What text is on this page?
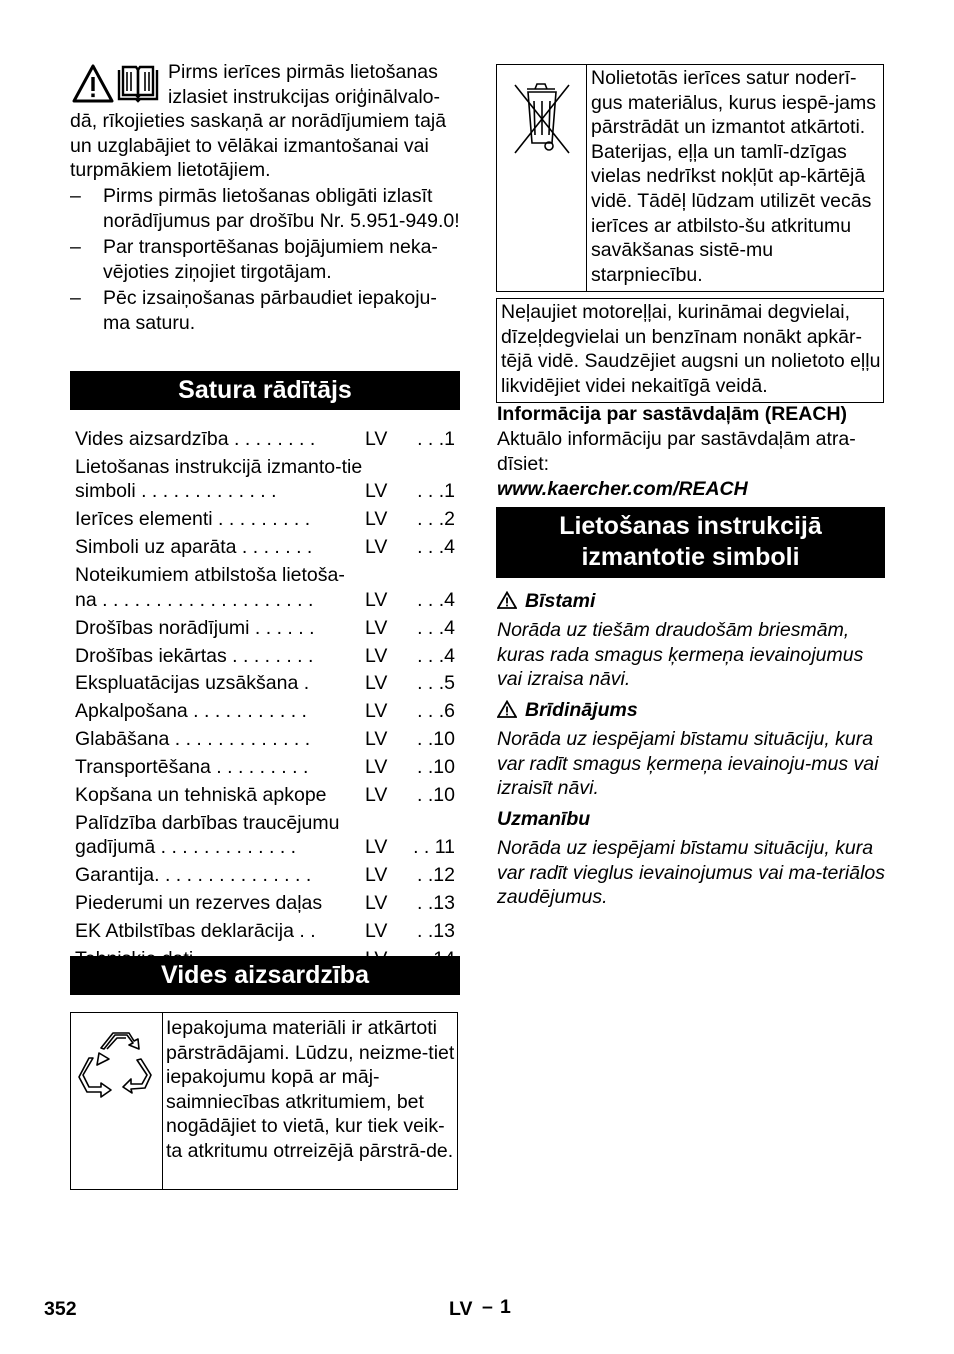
Pirms ierīces pirmās lietošanas izlasiet instrukcijas oriģinālvalo-
dā, rīkojieties saskaņā ar norādījumiem tajā un uzglabājiet to vēlākai izmantošanai vai turpmākiem lietotājiem.
– Pirms pirmās lietošanas obligāti izlasīt norādījumus par drošību Nr. 5.951-949.0!
– Par transportēšanas bojājumiem neka-vējoties ziņojiet tirgotājam.
– Pēc izsaiņošanas pārbaudiet iepakoju-ma saturu.
Satura rādītājs
Vides aizsardzība . . . . . . . .	LV . . .1
Lietošanas instrukcijā izmanto-tie simboli . . . . . . . . . . . . .	LV . . .1
Ierīces elementi . . . . . . . . .	LV . . .2
Simboli uz aparāta . . . . . . .	LV . . .4
Noteikumiem atbilstoša lietoša-na . . . . . . . . . . . . . . . . . . . .	LV . . .4
Drošības norādījumi . . . . . .	LV . . .4
Drošības iekārtas . . . . . . . .	LV . . .4
Ekspluatācijas uzsākšana .	LV . . .5
Apkalpošana . . . . . . . . . . .	LV . . .6
Glabāšana . . . . . . . . . . . . .	LV . .10
Transportēšana . . . . . . . . .	LV . .10
Kopšana un tehniskā apkope	LV . .10
Palīdzība darbības traucējumu gadījumā . . . . . . . . . . . . .	LV . . 11
Garantija. . . . . . . . . . . . . . .	LV . .12
Piederumi un rezerves daļas	LV . .13
EK Atbilstības deklarācija . .	LV . .13
Vides aizsardzība
Iepakojuma materiāli ir atkārtoti pārstrādājami. Lūdzu, neizme-tiet iepakojumu kopā ar māj-saimniecības atkritumiem, bet nogādājiet to vietā, kur tiek veik-ta atkritumu otrreizējā pārstrā-de.
Nolietotās ierīces satur noderī-gus materiālus, kurus iespē-jams pārstrādāt un izmantot atkārtoti. Baterijas, eļļa un tamlī-dzīgas vielas nedrīkst nokļūt ap-kārtējā vidē. Tādēļ lūdzam utilizēt vecās ierīces ar atbilsto-šu atkritumu savākšanas sistē-mu starpniecību.
Neļaujiet motoreļļai, kurināmai degvielai, dīzeļdegvielai un benzīnam nonākt apkār-tējā vidē. Saudzējiet augsni un nolietoto eļļu likvidējiet videi nekaitīgā veidā.
Informācija par sastāvdaļām (REACH)
Aktuālo informāciju par sastāvdaļām atra-dīsiet:
www.kaercher.com/REACH
Lietošanas instrukcijā
izmantotie simboli
Bīstami
Norāda uz tiešām draudošām briesmām, kuras rada smagus ķermeņa ievainojumus vai izraisa nāvi.
Brīdinājums
Norāda uz iespējami bīstamu situāciju, kura var radīt smagus ķermeņa ievainoju-mus vai izraisīt nāvi.
Uzmanību
Norāda uz iespējami bīstamu situāciju, kura var radīt vieglus ievainojumus vai ma-teriālos zaudējumus.
352	LV – 1
